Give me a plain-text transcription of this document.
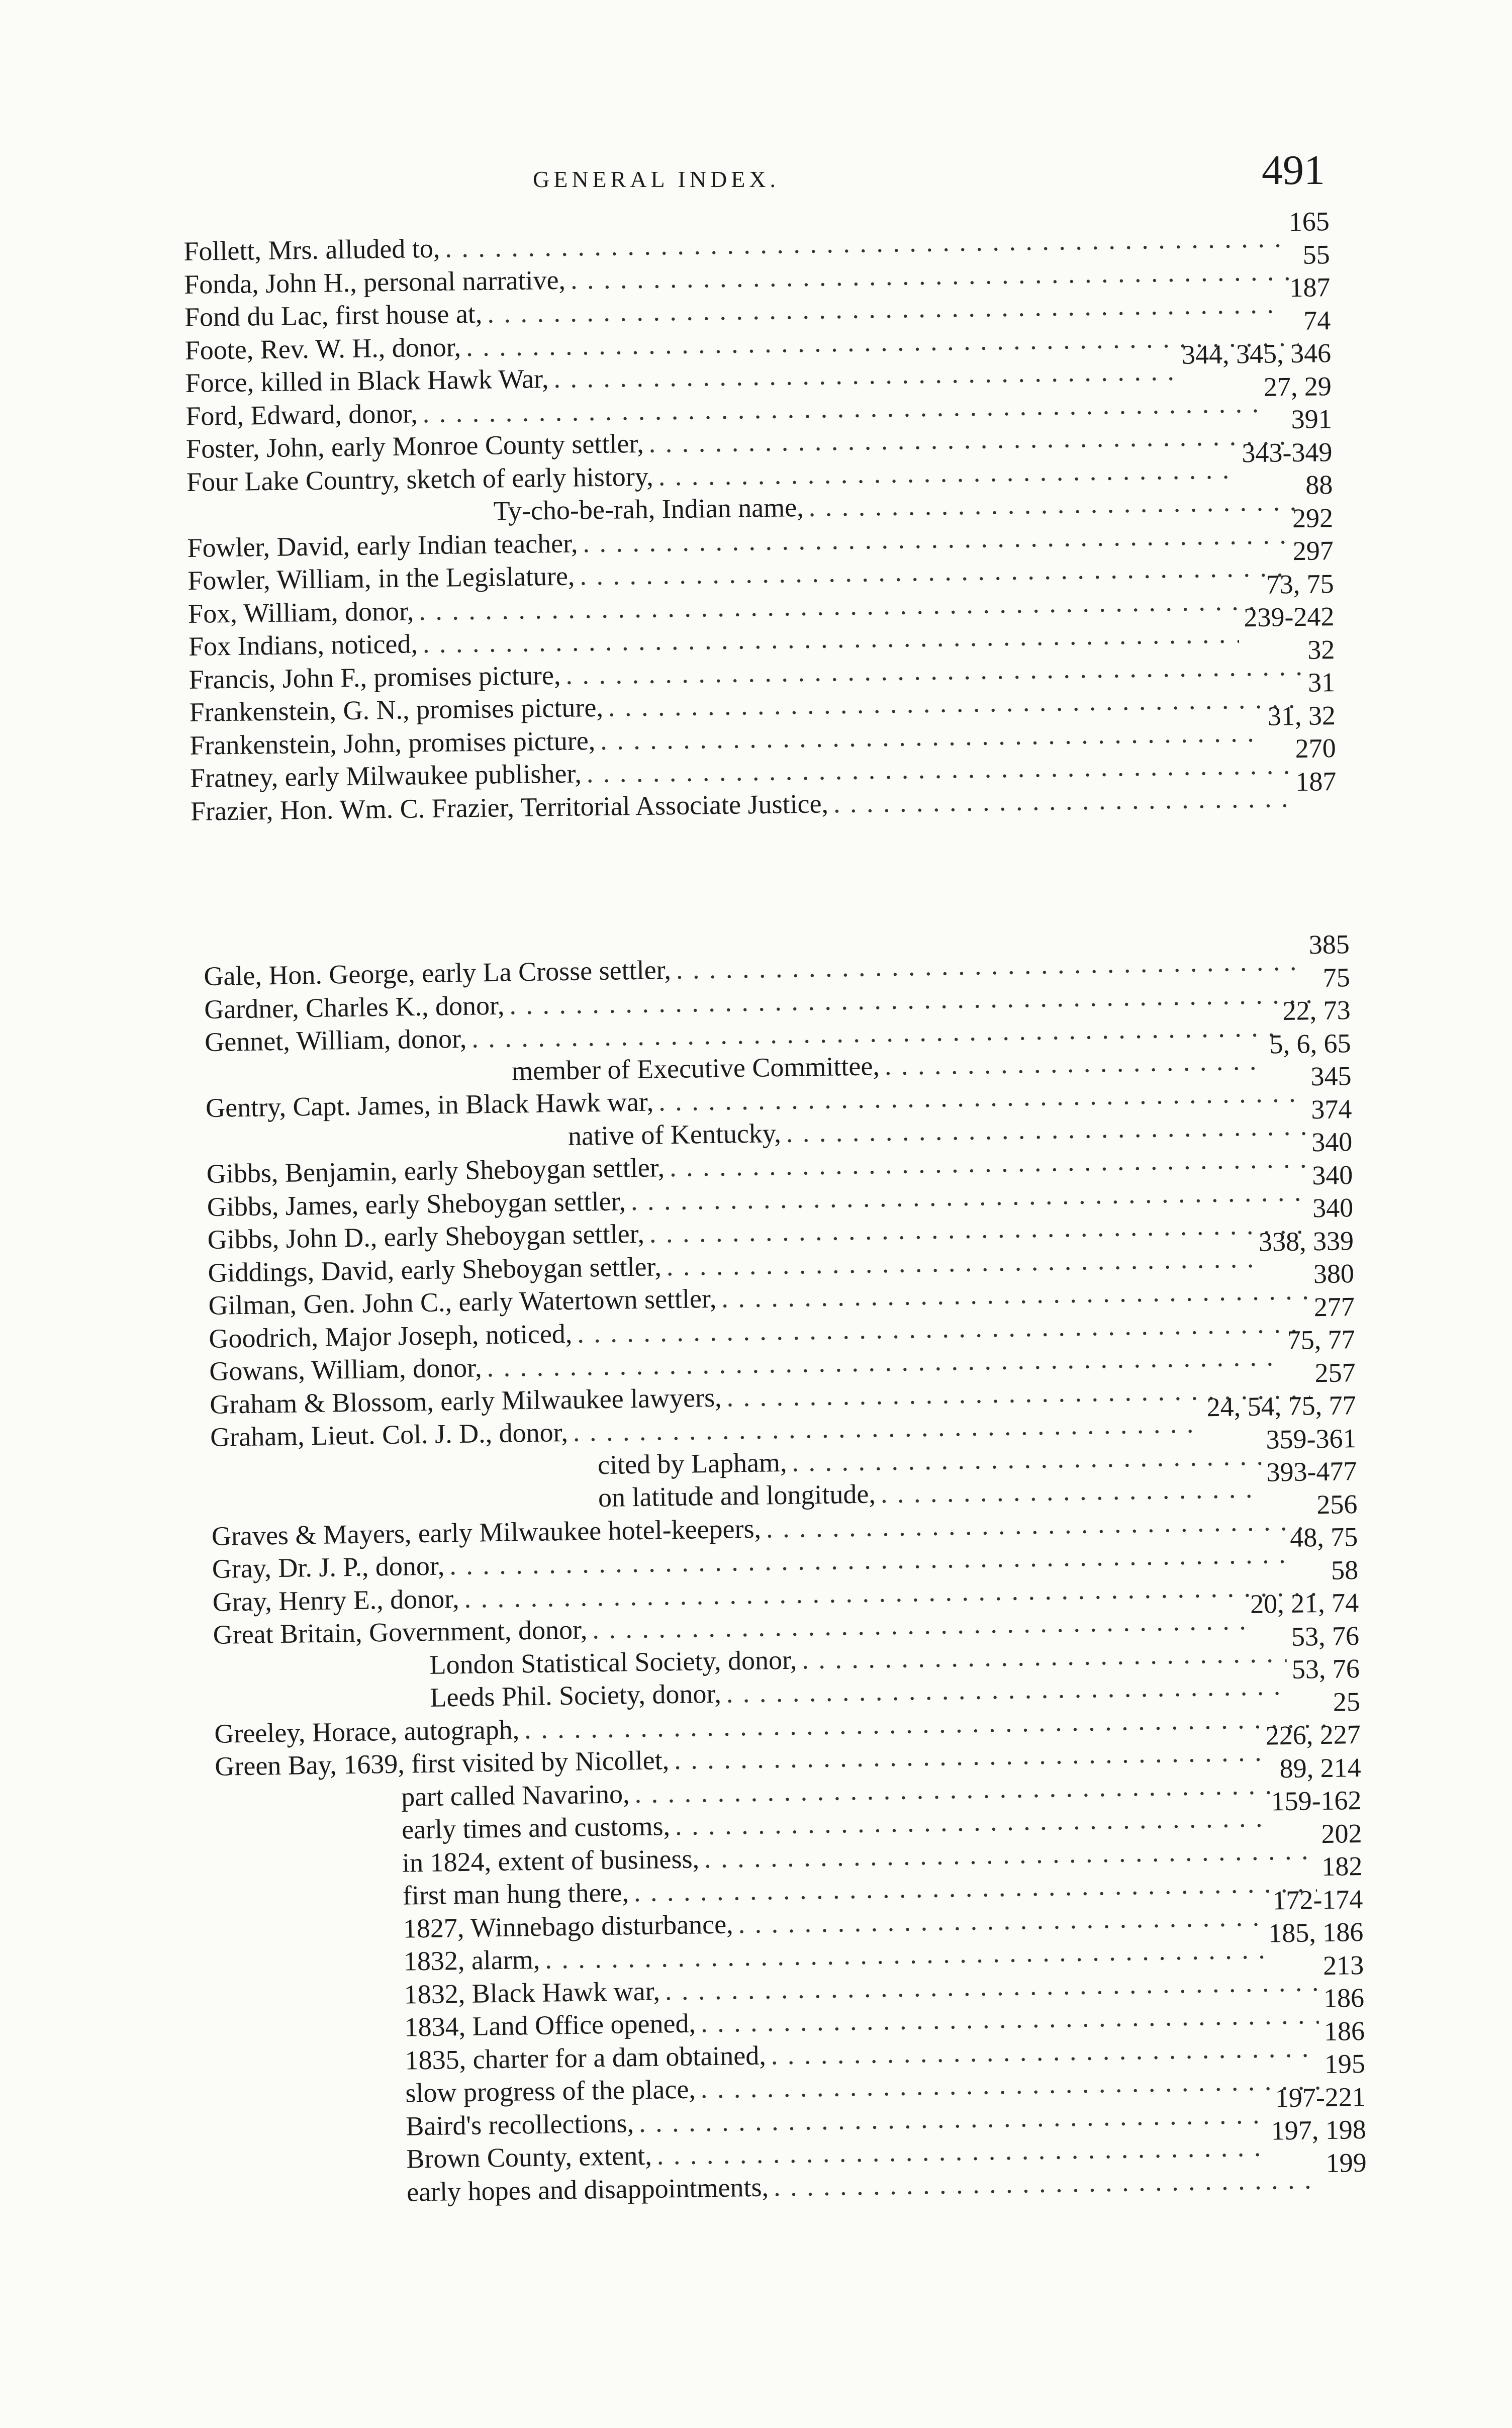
GENERAL INDEX.	491
Follett, Mrs. alluded to,
. . .
165
Fonda, John H., personal narrative,
. . .
55
Fond du Lac, first house at,
. . .
187
Foote, Rev. W. H., donor,
. . .
74
Force, killed in Black Hawk War,
. . .
344, 345, 346
Ford, Edward, donor,
. . .
27, 29
Foster, John, early Monroe County settler,
. . .
391
Four Lake Country, sketch of early history,
. . .
343-349
Ty-cho-be-rah, Indian name,
. . .
88
Fowler, David, early Indian teacher,
. . .
292
Fowler, William, in the Legislature,
. . .
297
Fox, William, donor,
. . .
73, 75
Fox Indians, noticed,
. . .
239-242
Francis, John F., promises picture,
. . .
32
Frankenstein, G. N., promises picture,
. . .
31
Frankenstein, John, promises picture,
. . .
31, 32
Fratney, early Milwaukee publisher,
. . .
270
Frazier, Hon. Wm. C. Frazier, Territorial Associate Justice,
. . .
187
Gale, Hon. George, early La Crosse settler,
. . .
385
Gardner, Charles K., donor,
. . .
75
Gennet, William, donor,
. . .
22, 73
member of Executive Committee,
. . .
5, 6, 65
Gentry, Capt. James, in Black Hawk war,
. . .
345
native of Kentucky,
. . .
374
Gibbs, Benjamin, early Sheboygan settler,
. . .
340
Gibbs, James, early Sheboygan settler,
. . .
340
Gibbs, John D., early Sheboygan settler,
. . .
340
Giddings, David, early Sheboygan settler,
. . .
338, 339
Gilman, Gen. John C., early Watertown settler,
. . .
380
Goodrich, Major Joseph, noticed,
. . .
277
Gowans, William, donor,
. . .
75, 77
Graham & Blossom, early Milwaukee lawyers,
. . .
257
Graham, Lieut. Col. J. D., donor,
. . .
24, 54, 75, 77
cited by Lapham,
. . .
359-361
on latitude and longitude,
. . .
393-477
Graves & Mayers, early Milwaukee hotel-keepers,
. . .
256
Gray, Dr. J. P., donor,
. . .
48, 75
Gray, Henry E., donor,
. . .
58
Great Britain, Government, donor,
. . .
20, 21, 74
London Statistical Society, donor,
. . .
53, 76
Leeds Phil. Society, donor,
. . .
53, 76
Greeley, Horace, autograph,
. . .
25
Green Bay, 1639, first visited by Nicollet,
. . .
226, 227
part called Navarino,
. . .
89, 214
early times and customs,
. . .
159-162
in 1824, extent of business,
. . .
202
first man hung there,
. . .
182
1827, Winnebago disturbance,
. . .
172-174
1832, alarm,
. . .
185, 186
1832, Black Hawk war,
. . .
213
1834, Land Office opened,
. . .
186
1835, charter for a dam obtained,
. . .
186
slow progress of the place,
. . .
195
Baird's recollections,
. . .
197-221
Brown County, extent,
. . .
197, 198
early hopes and disappointments,
. . .
199
